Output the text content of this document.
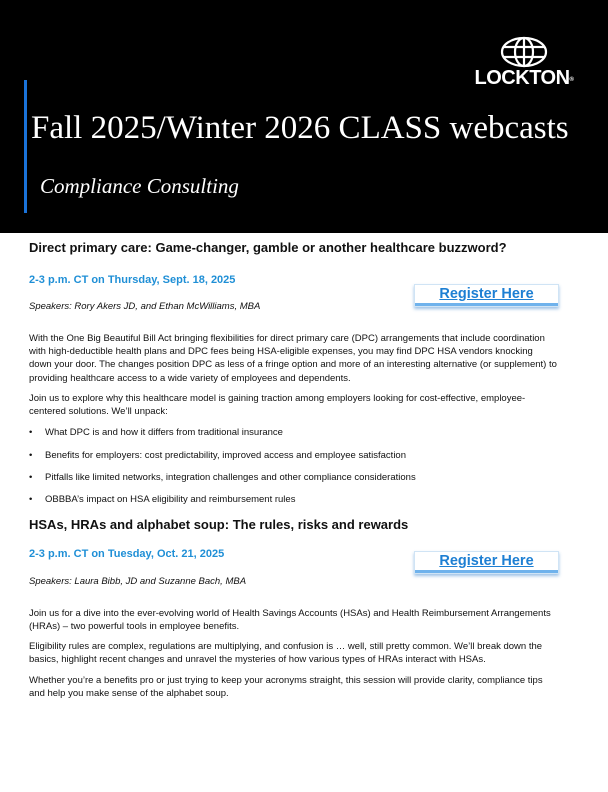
LOCKTON®
Fall 2025/Winter 2026 CLASS webcasts
Compliance Consulting
Direct primary care: Game-changer, gamble or another healthcare buzzword?
2-3 p.m. CT on Thursday, Sept. 18, 2025
Register Here
Speakers: Rory Akers JD, and Ethan McWilliams, MBA

With the One Big Beautiful Bill Act bringing flexibilities for direct primary care (DPC) arrangements that include coordination with high-deductible health plans and DPC fees being HSA-eligible expenses, you may find DPC HSA vendors knocking down your door. The changes position DPC as less of a fringe option and more of an interesting alternative (or supplement) to providing healthcare access to a wide variety of employees and dependents.

Join us to explore why this healthcare model is gaining traction among employers looking for cost-effective, employee-centered solutions. We’ll unpack:

• What DPC is and how it differs from traditional insurance
• Benefits for employers: cost predictability, improved access and employee satisfaction
• Pitfalls like limited networks, integration challenges and other compliance considerations
• OBBBA’s impact on HSA eligibility and reimbursement rules
HSAs, HRAs and alphabet soup: The rules, risks and rewards
2-3 p.m. CT on Tuesday, Oct. 21, 2025	Register Here
Speakers: Laura Bibb, JD and Suzanne Bach, MBA

Join us for a dive into the ever-evolving world of Health Savings Accounts (HSAs) and Health Reimbursement Arrangements (HRAs) – two powerful tools in employee benefits.

Eligibility rules are complex, regulations are multiplying, and confusion is … well, still pretty common. We’ll break down the basics, highlight recent changes and unravel the mysteries of how various types of HRAs interact with HSAs.

Whether you’re a benefits pro or just trying to keep your acronyms straight, this session will provide clarity, compliance tips and help you make sense of the alphabet soup.
